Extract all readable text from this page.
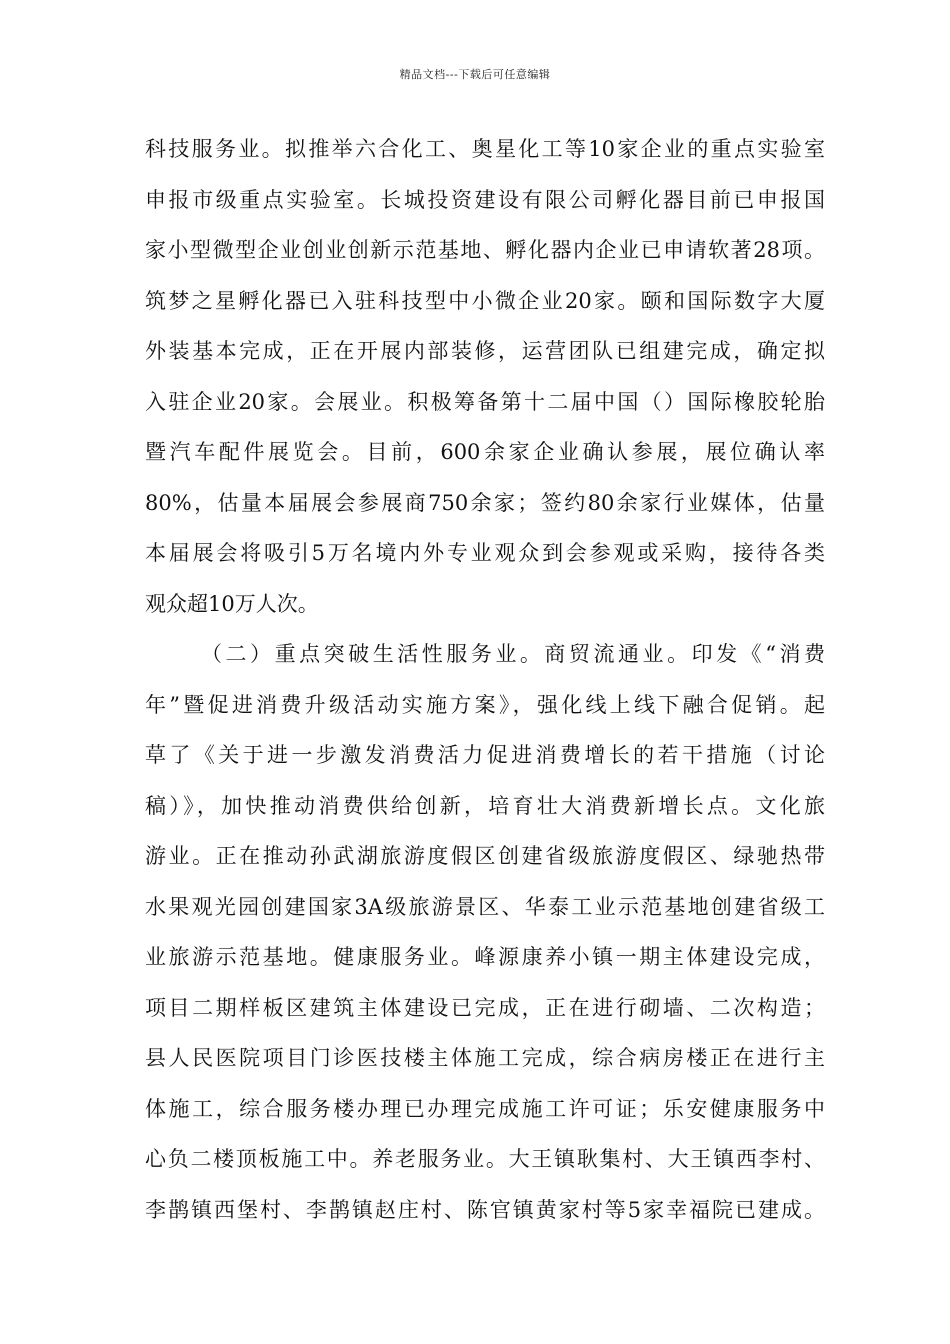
精品文档---下载后可任意编辑
科技服务业。拟推举六合化工、奥星化工等10家企业的重点实验室
申报市级重点实验室。长城投资建设有限公司孵化器目前已申报国
家小型微型企业创业创新示范基地、孵化器内企业已申请软著28项。
筑梦之星孵化器已入驻科技型中小微企业20家。颐和国际数字大厦
外装基本完成，正在开展内部装修，运营团队已组建完成，确定拟
入驻企业20家。会展业。积极筹备第十二届中国（）国际橡胶轮胎
暨汽车配件展览会。目前，600余家企业确认参展，展位确认率
80%，估量本届展会参展商750余家；签约80余家行业媒体，估量
本届展会将吸引5万名境内外专业观众到会参观或采购，接待各类
观众超10万人次。
（二）重点突破生活性服务业。商贸流通业。印发《“消费
年”暨促进消费升级活动实施方案》，强化线上线下融合促销。起
草了《关于进一步激发消费活力促进消费增长的若干措施（讨论
稿）》，加快推动消费供给创新，培育壮大消费新增长点。文化旅
游业。正在推动孙武湖旅游度假区创建省级旅游度假区、绿驰热带
水果观光园创建国家3A级旅游景区、华泰工业示范基地创建省级工
业旅游示范基地。健康服务业。峰源康养小镇一期主体建设完成，
项目二期样板区建筑主体建设已完成，正在进行砌墙、二次构造；
县人民医院项目门诊医技楼主体施工完成，综合病房楼正在进行主
体施工，综合服务楼办理已办理完成施工许可证；乐安健康服务中
心负二楼顶板施工中。养老服务业。大王镇耿集村、大王镇西李村、
李鹊镇西堡村、李鹊镇赵庄村、陈官镇黄家村等5家幸福院已建成。
